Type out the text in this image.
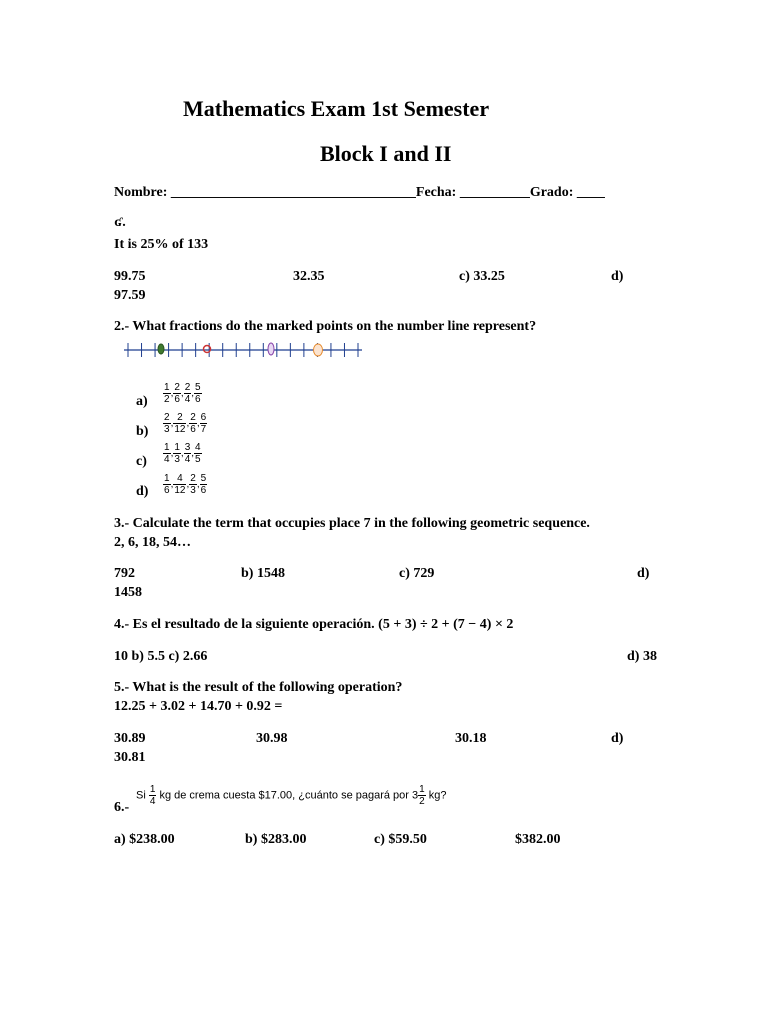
Mathematics Exam 1st Semester
Block I and II
Nombre: ___________________________________Fecha: __________Grado: ____
ʛ.
It is 25% of 133
99.75	32.35	c) 33.25	d)
97.59
2.- What fractions do the marked points on the number line represent?
$a) \frac{1}{2}$ , $\frac{2}{6}$ , $\frac{2}{4}$ , $\frac{5}{6}$
$b) \frac{2}{3}$ , $\frac{2}{12}$ , $\frac{2}{6}$ , $\frac{6}{7}$
$c) \frac{1}{4}$ , $\frac{1}{3}$ , $\frac{3}{4}$ , $\frac{4}{5}$
$d) \frac{1}{6}$ , $\frac{4}{12}$ , $\frac{2}{3}$ , $\frac{5}{6}$
3.- Calculate the term that occupies place 7 in the following geometric sequence.
2, 6, 18, 54…
792	b) 1548	c) 729	d)
1458
4.- Es el resultado de la siguiente operación. (5 + 3) ÷ 2 + (7 − 4) × 2
10 b) 5.5 c) 2.66	d) 38
5.- What is the result of the following operation?
12.25 + 3.02 + 14.70 + 0.92 =
30.89	30.98	30.18	d)
30.81
Si $\frac{1}{4}$ kg de crema cuesta $17.00, ¿cuánto se pagará por $3 \frac{1}{2}$ kg?
6.-
a) $238.00	b) $283.00	c) $59.50	$382.00
